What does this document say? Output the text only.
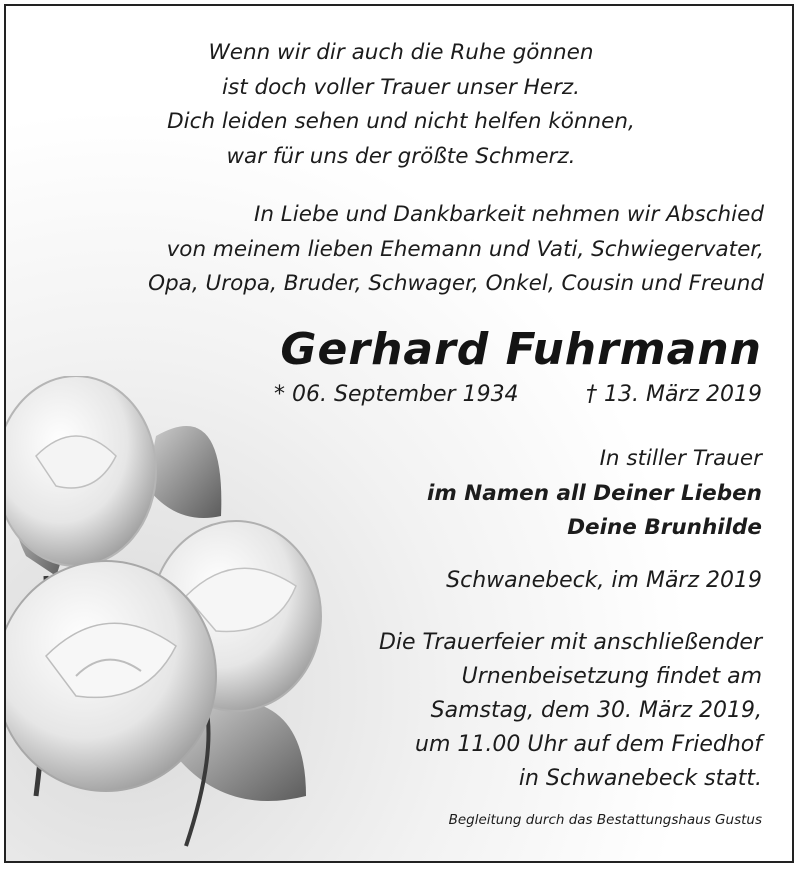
Wenn wir dir auch die Ruhe gönnen
ist doch voller Trauer unser Herz.
Dich leiden sehen und nicht helfen können,
war für uns der größte Schmerz.
In Liebe und Dankbarkeit nehmen wir Abschied
von meinem lieben Ehemann und Vati, Schwiegervater,
Opa, Uropa, Bruder, Schwager, Onkel, Cousin und Freund
Gerhard Fuhrmann
* 06. September 1934	† 13. März 2019
In stiller Trauer
im Namen all Deiner Lieben
Deine Brunhilde
Schwanebeck, im März 2019
Die Trauerfeier mit anschließender
Urnenbeisetzung findet am
Samstag, dem 30. März 2019,
um 11.00 Uhr auf dem Friedhof
in Schwanebeck statt.
Begleitung durch das Bestattungshaus Gustus
